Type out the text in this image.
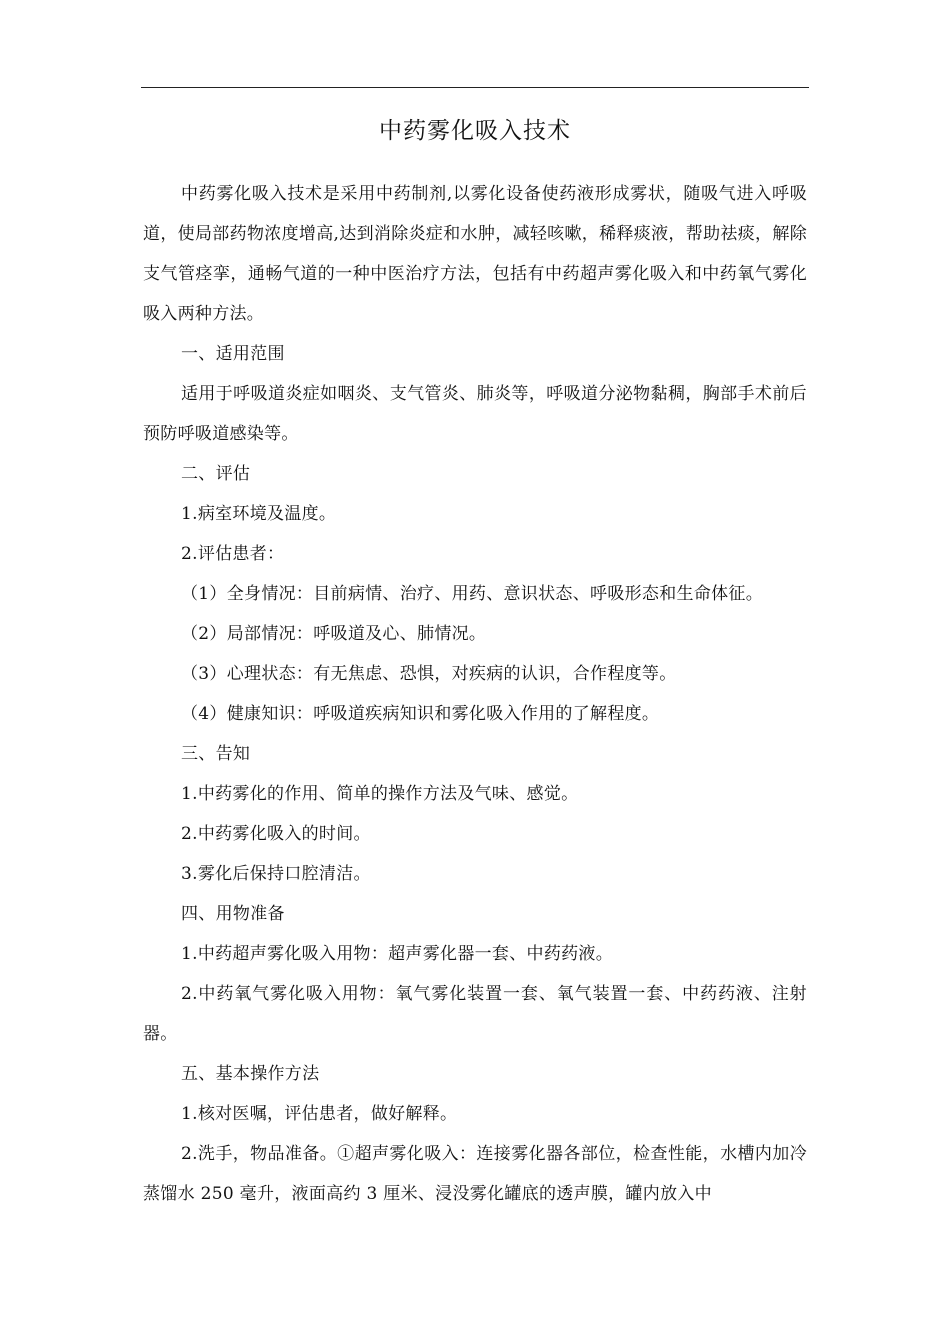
中药雾化吸入技术

中药雾化吸入技术是采用中药制剂,以雾化设备使药液形成雾状，随吸气进入呼吸道，使局部药物浓度增高,达到消除炎症和水肿，减轻咳嗽，稀释痰液，帮助祛痰，解除支气管痉挛，通畅气道的一种中医治疗方法，包括有中药超声雾化吸入和中药氧气雾化吸入两种方法。

一、适用范围

适用于呼吸道炎症如咽炎、支气管炎、肺炎等，呼吸道分泌物黏稠，胸部手术前后预防呼吸道感染等。

二、评估

1.病室环境及温度。

2.评估患者：

（1）全身情况：目前病情、治疗、用药、意识状态、呼吸形态和生命体征。

（2）局部情况：呼吸道及心、肺情况。

（3）心理状态：有无焦虑、恐惧，对疾病的认识，合作程度等。

（4）健康知识：呼吸道疾病知识和雾化吸入作用的了解程度。

三、告知

1.中药雾化的作用、简单的操作方法及气味、感觉。

2.中药雾化吸入的时间。

3.雾化后保持口腔清洁。

四、用物准备

1.中药超声雾化吸入用物：超声雾化器一套、中药药液。

2.中药氧气雾化吸入用物：氧气雾化装置一套、氧气装置一套、中药药液、注射器。

五、基本操作方法

1.核对医嘱，评估患者，做好解释。

2.洗手，物品准备。①超声雾化吸入：连接雾化器各部位，检查性能，水槽内加冷蒸馏水 250 毫升，液面高约 3 厘米、浸没雾化罐底的透声膜，罐内放入中
